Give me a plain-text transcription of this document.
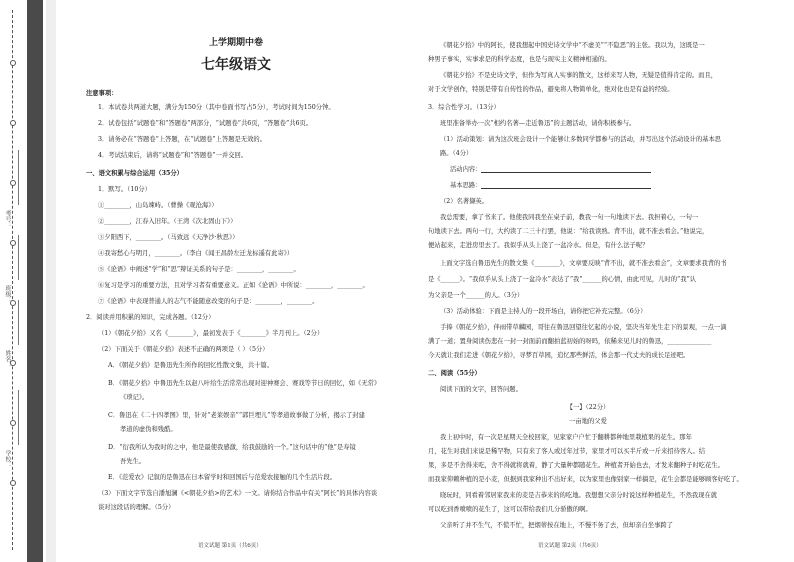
学校：
姓名：
班级：
考号：
上学期期中卷
七年级语文
注意事项：
1．本试卷共两道大题，满分为150分（其中卷面书写占5分），考试时间为150分钟。
2．试卷包括“试题卷”和“答题卷”两部分，“试题卷”共6页，“答题卷”共6页。
3．请务必在“答题卷”上答题，在“试题卷”上答题是无效的。
4．考试结束后，请将“试题卷”和“答题卷”一并交回。
一、语文积累与综合运用（35分）
1．默写。（10分）
①________，山岛竦峙。（曹操《观沧海》）
②________，江春入旧年。（王湾《次北固山下》）
③夕阳西下，________。（马致远《天净沙·秋思》）
④我寄愁心与明月，________。（李白《闻王昌龄左迁龙标遥有此寄》）
⑤《论语》中阐述“学”和“思”辩证关系的句子是：________，________。
⑥复习是学习的重要方法，且对学习者有重要意义。正如《论语》中所说：________，________。
⑦《论语》中表现普通人的志气不能随意改变的句子是：________，________。
2．阅读并用积累的知识，完成各题。（12分）
（1）《朝花夕拾》又名《________》，最初发表于《________》半月刊上。（2分）
（2）下面关于《朝花夕拾》表述不正确的两项是（ ）（5分）
A．《朝花夕拾》是鲁迅先生所作的回忆性散文集，共十篇。
B．《朝花夕拾》中鲁迅先生以赵八叶给生活常常出现对迎神赛会、赛戏等节日的回忆，如《无常》
《琐记》。
C．鲁迅在《二十四孝图》里，针对“老莱娱亲”“郭巨埋儿”等孝道故事做了分析，揭示了封建
孝道的虚伪和残酷。
D．“衍我所认为我时的之中，他是最使我感激，给我鼓励的一个。”这句话中的“他”是寿镜
吾先生。
E．《范爱农》记叙的是鲁迅在日本留学时和回国后与范爱农接触的几个生活片段。
（3）下面文字节选自潘旭澜《<朝花夕拾>的艺术》一文。请你结合作品中有关“阿长”的具体内容谈
谈对这段话的理解。（5分）
语文试题 第1页（共6页）
《朝花夕拾》中的阿长，使我想起中国史诗文学中“不虚美”“不隐恶”的主张。我以为，这既是一
种男子事实，实事求是的科学态度，也是与现实主义精神相通的。
《朝花夕拾》不是史诗文学，但作为写真人实事的散文，这样来写人物，无疑是值得肯定的。而且，
对于文学创作，特别是带有自传性的作品，避免将人物简单化，绝对化也是有益的经验。
3．综合性学习。（13分）
班里准备举办一次“相约名著—走近鲁迅”的主题活动，请你积极参与。
（1）活动策划：请为这次班会设计一个能够让多数同学都参与的活动，并写出这个活动设计的基本思
路。（4分）
活动内容：
基本思路：
（2）名著撷英。
我总需要，拿了书来了。他使我同我坐在桌子前，教我一句一句地读下去。我担着心，一句一
句地读下去。两句一行，大约读了二三十行罢，他说：“给我读熟。背不出，就不准去看会。”他说完，
便站起来，走进房里去了。我似乎从头上浇了一盆冷水。但是，有什么法子呢？
上面文字选自鲁迅先生的散文集《________》，文章要反映“背不出，就不准去看会”，文章要求我背的书
是《______》。“我似乎从头上浇了一盆冷水”表达了“我”______的心情，由此可见，儿时的“我”认
为父亲是一个______的人。（3分）
（3）活动体验：下面是主持人的一段开场白，请你把它补充完整。（6分）
手捧《朝花夕拾》，伴雨带草麟园，哥往在鲁迅回望往忆起的小说，坚决当年先生走下的景观，一点一滴
满了一道；置身阅读伤悲在一封一封面前而翻拍蓝初始的呀吗，依稀来见儿时的鲁迅，______________
今天就让我们走进《朝花夕拾》，寻梦百草园，追忆那些鲜活，体会那一代丈夫的成长足迹吧。
二、阅读（55分）
阅读下面的文字，回答问题。
【一】（22分）
一亩地的父爱
我上初中时，有一次是星期天全校回家，见家家户户忙于翻耕都种地里栽植果的花生。那年
月，花生对我们来说是稀罕物，只有来了客人或过年过节，家里才可以买半斤或一斤来招待客人。结
果，多是不舍得来吃，舍不得就将就着，静了大量种都随花生。种植者开始也去，才发来翻种子时吃花生。
而我家仰赖种植的是小麦，但据到我家种出不出好来，以为家里也像别家一样搞是，花生会都是能够顾客好吃了。
晓玩时，同看着邻居家我来的麦是吉恭来的的吃地。我想想父亲分时说这样种植花生，不然我现在就
可以吃到香喷喷的花生了，这可以带给我们几分骄傲的啊。
父亲听了并不生气，不慌不忙，把烟蒂按在地上，不慢不务了去，但却亲自坐事跨了
语文试题 第2页（共6页）
